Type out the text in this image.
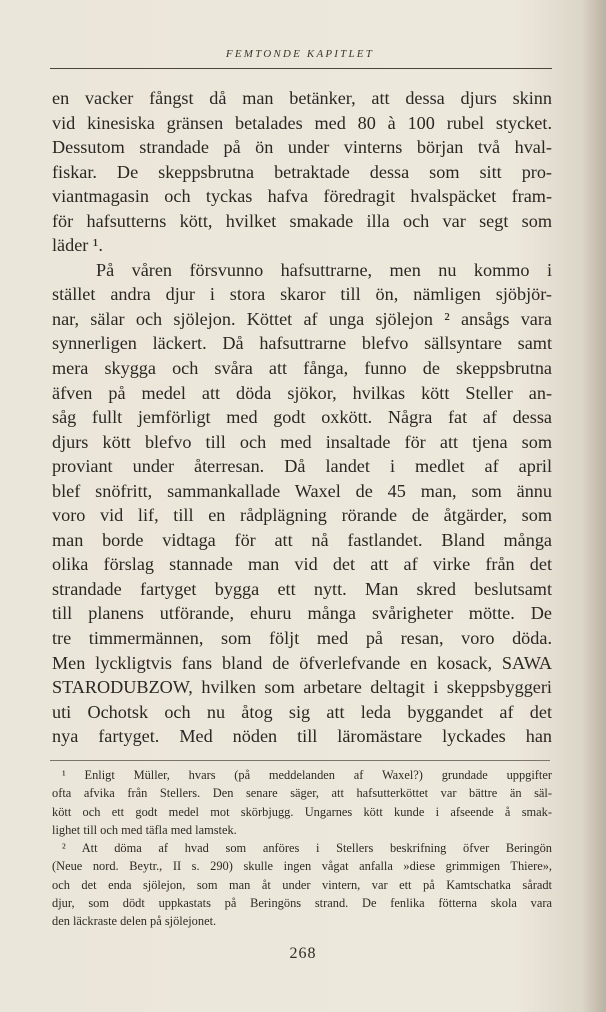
FEMTONDE KAPITLET
en vacker fångst då man betänker, att dessa djurs skinn
vid kinesiska gränsen betalades med 80 à 100 rubel stycket.
Dessutom strandade på ön under vinterns början två hval-
fiskar. De skeppsbrutna betraktade dessa som sitt pro-
viantmagasin och tyckas hafva föredragit hvalspäcket fram-
för hafsutterns kött, hvilket smakade illa och var segt som
läder ¹.
På våren försvunno hafsuttrarne, men nu kommo i
stället andra djur i stora skaror till ön, nämligen sjöbjör-
nar, sälar och sjölejon. Köttet af unga sjölejon ² ansågs vara
synnerligen läckert. Då hafsuttrarne blefvo sällsyntare samt
mera skygga och svåra att fånga, funno de skeppsbrutna
äfven på medel att döda sjökor, hvilkas kött Steller an-
såg fullt jemförligt med godt oxkött. Några fat af dessa
djurs kött blefvo till och med insaltade för att tjena som
proviant under återresan. Då landet i medlet af april
blef snöfritt, sammankallade Waxel de 45 man, som ännu
voro vid lif, till en rådplägning rörande de åtgärder, som
man borde vidtaga för att nå fastlandet. Bland många
olika förslag stannade man vid det att af virke från det
strandade fartyget bygga ett nytt. Man skred beslutsamt
till planens utförande, ehuru många svårigheter mötte. De
tre timmermännen, som följt med på resan, voro döda.
Men lyckligtvis fans bland de öfverlefvande en kosack, SAWA
STARODUBZOW, hvilken som arbetare deltagit i skeppsbyggeri
uti Ochotsk och nu åtog sig att leda byggandet af det
nya fartyget. Med nöden till läromästare lyckades han
¹ Enligt Müller, hvars (på meddelanden af Waxel?) grundade uppgifter
ofta afvika från Stellers. Den senare säger, att hafsutterköttet var bättre än säl-
kött och ett godt medel mot skörbjugg. Ungarnes kött kunde i afseende å smak-
lighet till och med täfla med lamstek.
² Att döma af hvad som anföres i Stellers beskrifning öfver Beringön
(Neue nord. Beytr., II s. 290) skulle ingen vågat anfalla »diese grimmigen Thiere»,
och det enda sjölejon, som man åt under vintern, var ett på Kamtschatka såradt
djur, som dödt uppkastats på Beringöns strand. De fenlika fötterna skola vara
den läckraste delen på sjölejonet.
268
